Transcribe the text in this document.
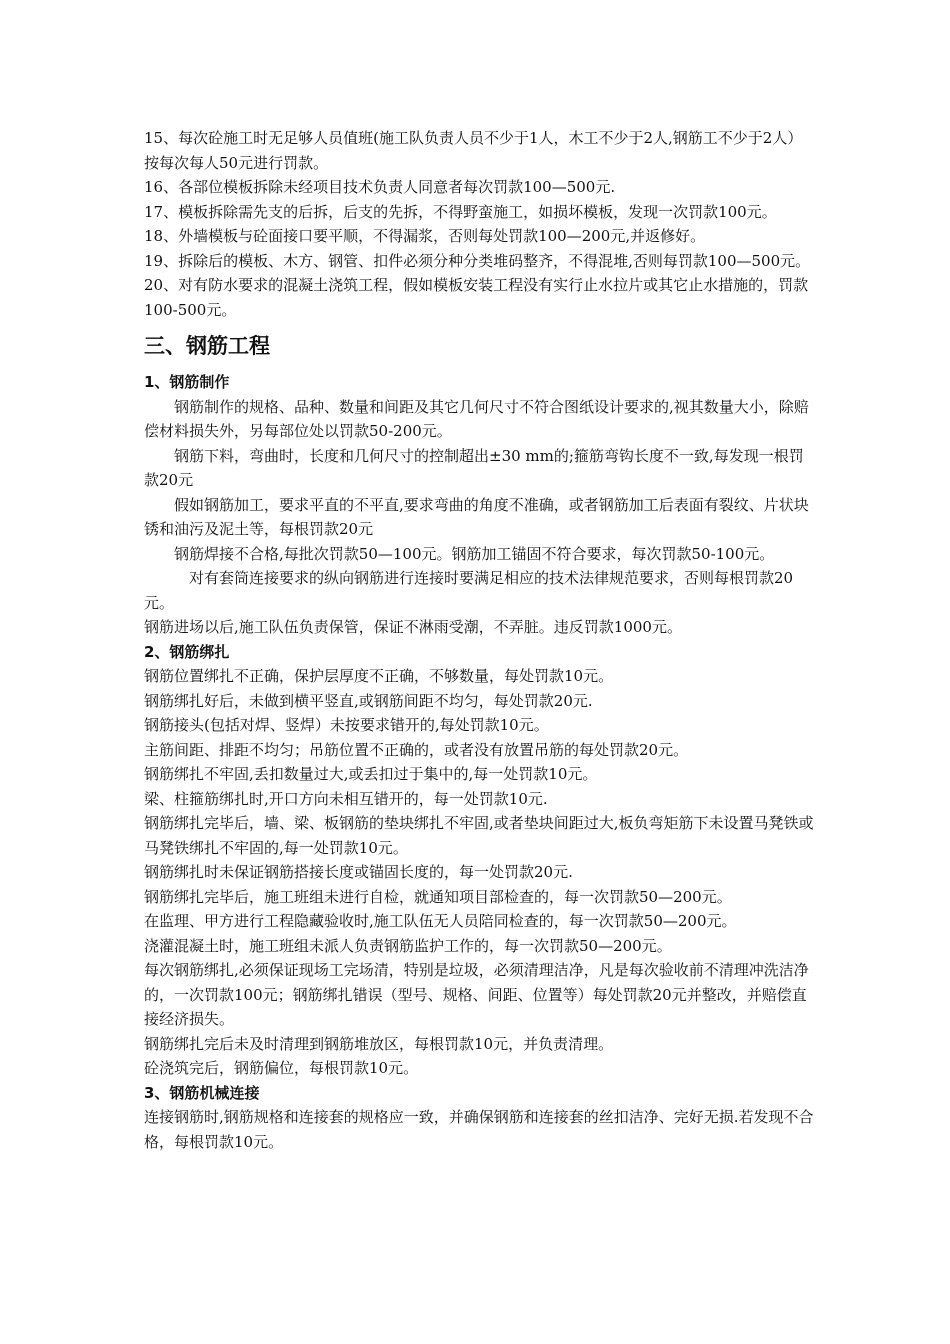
15、每次砼施工时无足够人员值班(施工队负责人员不少于1人，木工不少于2人,钢筋工不少于2人）按每次每人50元进行罚款。

16、各部位模板拆除未经项目技术负责人同意者每次罚款100—500元.

17、模板拆除需先支的后拆，后支的先拆，不得野蛮施工，如损坏模板，发现一次罚款100元。

18、外墙模板与砼面接口要平顺，不得漏浆，否则每处罚款100—200元,并返修好。

19、拆除后的模板、木方、钢管、扣件必须分种分类堆码整齐，不得混堆,否则每罚款100—500元。

20、对有防水要求的混凝土浇筑工程，假如模板安装工程没有实行止水拉片或其它止水措施的，罚款100-500元。

三、钢筋工程
1、钢筋制作

钢筋制作的规格、品种、数量和间距及其它几何尺寸不符合图纸设计要求的,视其数量大小，除赔偿材料损失外，另每部位处以罚款50-200元。

钢筋下料，弯曲时，长度和几何尺寸的控制超出±30 mm的;箍筋弯钩长度不一致,每发现一根罚款20元

假如钢筋加工，要求平直的不平直,要求弯曲的角度不准确，或者钢筋加工后表面有裂纹、片状块锈和油污及泥土等，每根罚款20元

钢筋焊接不合格,每批次罚款50—100元。钢筋加工锚固不符合要求，每次罚款50-100元。

对有套筒连接要求的纵向钢筋进行连接时要满足相应的技术法律规范要求，否则每根罚款20元。

钢筋进场以后,施工队伍负责保管，保证不淋雨受潮，不弄脏。违反罚款1000元。

2、钢筋绑扎

钢筋位置绑扎不正确，保护层厚度不正确，不够数量，每处罚款10元。

钢筋绑扎好后，未做到横平竖直,或钢筋间距不均匀，每处罚款20元.

钢筋接头(包括对焊、竖焊）未按要求错开的,每处罚款10元。

主筋间距、排距不均匀；吊筋位置不正确的，或者没有放置吊筋的每处罚款20元。

钢筋绑扎不牢固,丢扣数量过大,或丢扣过于集中的,每一处罚款10元。

梁、柱箍筋绑扎时,开口方向未相互错开的，每一处罚款10元.

钢筋绑扎完毕后，墙、梁、板钢筋的垫块绑扎不牢固,或者垫块间距过大,板负弯矩筋下未设置马凳铁或马凳铁绑扎不牢固的,每一处罚款10元。

钢筋绑扎时未保证钢筋搭接长度或锚固长度的，每一处罚款20元.

钢筋绑扎完毕后，施工班组未进行自检，就通知项目部检查的，每一次罚款50—200元。

在监理、甲方进行工程隐藏验收时,施工队伍无人员陪同检查的，每一次罚款50—200元。

浇灌混凝土时，施工班组未派人负责钢筋监护工作的，每一次罚款50—200元。

每次钢筋绑扎,必须保证现场工完场清，特别是垃圾，必须清理洁净，凡是每次验收前不清理冲洗洁净的，一次罚款100元；钢筋绑扎错误（型号、规格、间距、位置等）每处罚款20元并整改，并赔偿直接经济损失。

钢筋绑扎完后未及时清理到钢筋堆放区，每根罚款10元，并负责清理。

砼浇筑完后，钢筋偏位，每根罚款10元。

3、钢筋机械连接

连接钢筋时,钢筋规格和连接套的规格应一致，并确保钢筋和连接套的丝扣洁净、完好无损.若发现不合格，每根罚款10元。
